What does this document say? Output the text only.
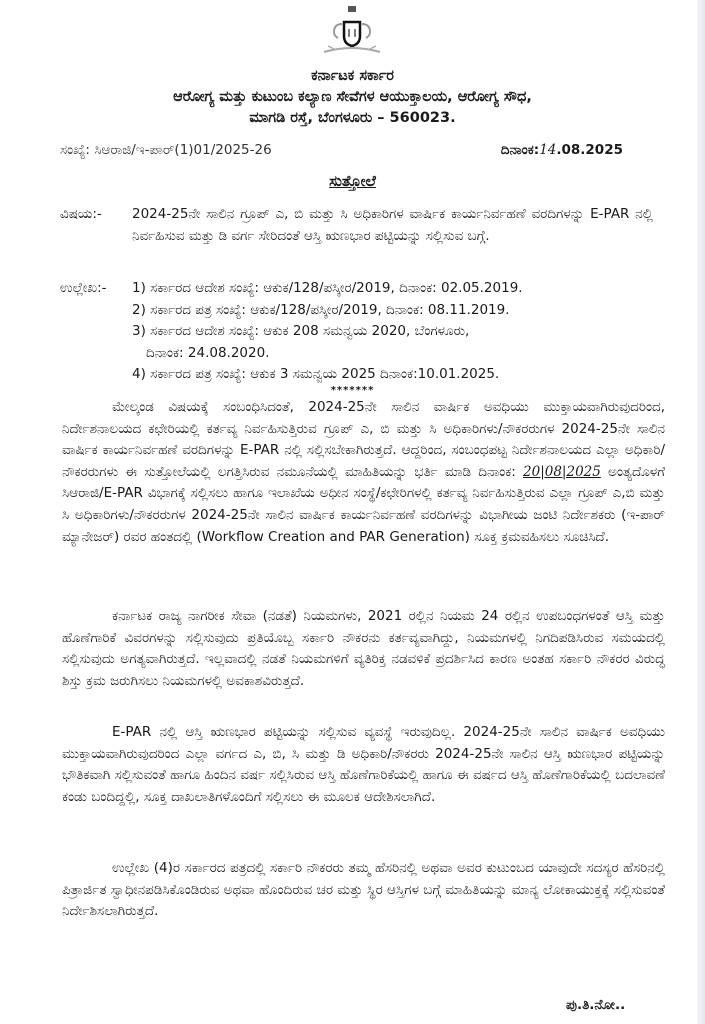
ಕರ್ನಾಟಕ ಸರ್ಕಾರ
ಆರೋಗ್ಯ ಮತ್ತು ಕುಟುಂಬ ಕಲ್ಯಾಣ ಸೇವೆಗಳ ಆಯುಕ್ತಾಲಯ, ಆರೋಗ್ಯ ಸೌಧ,
ಮಾಗಡಿ ರಸ್ತೆ, ಬೆಂಗಳೂರು – 560023.
ಸಂಖ್ಯೆ: ಸಿಆರಾಜಿ/ಇ-ಪಾರ್(1)01/2025-26	ದಿನಾಂಕ:14.08.2025
ಸುತ್ತೋಲೆ
ವಿಷಯ:-	2024-25ನೇ ಸಾಲಿನ ಗ್ರೂಪ್ ಎ, ಬಿ ಮತ್ತು ಸಿ ಅಧಿಕಾರಿಗಳ ವಾರ್ಷಿಕ ಕಾರ್ಯನಿರ್ವಹಣೆ ವರದಿಗಳನ್ನು E-PAR ನಲ್ಲಿ ನಿರ್ವಹಿಸುವ ಮತ್ತು ಡಿ ವರ್ಗ ಸೇರಿದಂತೆ ಆಸ್ತಿ ಋಣಭಾರ ಪಟ್ಟಿಯನ್ನು ಸಲ್ಲಿಸುವ ಬಗ್ಗೆ.
ಉಲ್ಲೇಖ:-	1) ಸರ್ಕಾರದ ಆದೇಶ ಸಂಖ್ಯೆ: ಆಕುಕ/128/ಪಸ್ಕೀರ/2019, ದಿನಾಂಕ: 02.05.2019.
2) ಸರ್ಕಾರದ ಪತ್ರ ಸಂಖ್ಯೆ: ಆಕುಕ/128/ಪಸ್ಕೀರ/2019, ದಿನಾಂಕ: 08.11.2019.
3) ಸರ್ಕಾರದ ಆದೇಶ ಸಂಖ್ಯೆ: ಆಕುಕ 208 ಸಮನ್ವಯ 2020, ಬೆಂಗಳೂರು,
ದಿನಾಂಕ: 24.08.2020.
4) ಸರ್ಕಾರದ ಪತ್ರ ಸಂಖ್ಯೆ: ಆಕುಕ 3 ಸಮನ್ವಯ 2025 ದಿನಾಂಕ:10.01.2025.
*******
ಮೇಲ್ಕಂಡ ವಿಷಯಕ್ಕೆ ಸಂಬಂಧಿಸಿದಂತೆ, 2024-25ನೇ ಸಾಲಿನ ವಾರ್ಷಿಕ ಅವಧಿಯು ಮುಕ್ತಾಯವಾಗಿರುವುದರಿಂದ, ನಿರ್ದೇಶನಾಲಯದ ಕಛೇರಿಯಲ್ಲಿ ಕರ್ತವ್ಯ ನಿರ್ವಹಿಸುತ್ತಿರುವ ಗ್ರೂಪ್ ಎ, ಬಿ ಮತ್ತು ಸಿ ಅಧಿಕಾರಿಗಳು/ನೌಕರರುಗಳ 2024-25ನೇ ಸಾಲಿನ ವಾರ್ಷಿಕ ಕಾರ್ಯನಿರ್ವಹಣೆ ವರದಿಗಳನ್ನು E-PAR ನಲ್ಲಿ ಸಲ್ಲಿಸಬೇಕಾಗಿರುತ್ತದೆ. ಆದ್ದರಿಂದ, ಸಂಬಂಧಪಟ್ಟ ನಿರ್ದೇಶನಾಲಯದ ಎಲ್ಲಾ ಅಧಿಕಾರಿ/ನೌಕರರುಗಳು ಈ ಸುತ್ತೋಲೆಯಲ್ಲಿ ಲಗತ್ತಿಸಿರುವ ನಮೂನೆಯಲ್ಲಿ ಮಾಹಿತಿಯನ್ನು ಭರ್ತಿ ಮಾಡಿ ದಿನಾಂಕ: 20|08|2025 ಅಂತ್ಯದೊಳಗೆ ಸಿಆರಾಜಿ/E-PAR ವಿಭಾಗಕ್ಕೆ ಸಲ್ಲಿಸಲು ಹಾಗೂ ಇಲಾಖೆಯ ಅಧೀನ ಸಂಸ್ಥೆ/ಕಛೇರಿಗಳಲ್ಲಿ ಕರ್ತವ್ಯ ನಿರ್ವಹಿಸುತ್ತಿರುವ ಎಲ್ಲಾ ಗ್ರೂಪ್ ಎ,ಬಿ ಮತ್ತು ಸಿ ಅಧಿಕಾರಿಗಳು/ನೌಕರರುಗಳ 2024-25ನೇ ಸಾಲಿನ ವಾರ್ಷಿಕ ಕಾರ್ಯನಿರ್ವಹಣೆ ವರದಿಗಳನ್ನು ವಿಭಾಗೀಯ ಜಂಟಿ ನಿರ್ದೇಶಕರು (ಇ-ಪಾರ್ ಮ್ಯಾನೇಜರ್) ರವರ ಹಂತದಲ್ಲಿ (Workflow Creation and PAR Generation) ಸೂಕ್ತ ಕ್ರಮವಹಿಸಲು ಸೂಚಿಸಿದೆ.
ಕರ್ನಾಟಕ ರಾಜ್ಯ ನಾಗರೀಕ ಸೇವಾ (ನಡತೆ) ನಿಯಮಗಳು, 2021 ರಲ್ಲಿನ ನಿಯಮ 24 ರಲ್ಲಿನ ಉಪಬಂಧಗಳಂತೆ ಆಸ್ತಿ ಮತ್ತು ಹೊಣೆಗಾರಿಕೆ ವಿವರಗಳನ್ನು ಸಲ್ಲಿಸುವುದು ಪ್ರತಿಯೊಬ್ಬ ಸರ್ಕಾರಿ ನೌಕರನು ಕರ್ತವ್ಯವಾಗಿದ್ದು, ನಿಯಮಗಳಲ್ಲಿ ನಿಗದಿಪಡಿಸಿರುವ ಸಮಯದಲ್ಲಿ ಸಲ್ಲಿಸುವುದು ಅಗತ್ಯವಾಗಿರುತ್ತದೆ. ಇಲ್ಲವಾದಲ್ಲಿ ನಡತೆ ನಿಯಮಗಳಿಗೆ ವ್ಯತಿರಿಕ್ತ ನಡವಳಿಕೆ ಪ್ರದರ್ಶಿಸಿದ ಕಾರಣ ಅಂತಹ ಸರ್ಕಾರಿ ನೌಕರರ ವಿರುದ್ಧ ಶಿಸ್ತು ಕ್ರಮ ಜರುಗಿಸಲು ನಿಯಮಗಳಲ್ಲಿ ಅವಕಾಶವಿರುತ್ತದೆ.
E-PAR ನಲ್ಲಿ ಆಸ್ತಿ ಋಣಭಾರ ಪಟ್ಟಿಯನ್ನು ಸಲ್ಲಿಸುವ ವ್ಯವಸ್ಥೆ ಇರುವುದಿಲ್ಲ. 2024-25ನೇ ಸಾಲಿನ ವಾರ್ಷಿಕ ಅವಧಿಯು ಮುಕ್ತಾಯವಾಗಿರುವುದರಿಂದ ಎಲ್ಲಾ ವರ್ಗದ ಎ, ಬಿ, ಸಿ ಮತ್ತು ಡಿ ಅಧಿಕಾರಿ/ನೌಕರರು 2024-25ನೇ ಸಾಲಿನ ಆಸ್ತಿ ಋಣಭಾರ ಪಟ್ಟಿಯನ್ನು ಭೌತಿಕವಾಗಿ ಸಲ್ಲಿಸುವಂತೆ ಹಾಗೂ ಹಿಂದಿನ ವರ್ಷ ಸಲ್ಲಿಸಿರುವ ಆಸ್ತಿ ಹೊಣೆಗಾರಿಕೆಯಲ್ಲಿ ಹಾಗೂ ಈ ವರ್ಷದ ಆಸ್ತಿ ಹೊಣೆಗಾರಿಕೆಯಲ್ಲಿ ಬದಲಾವಣೆ ಕಂಡು ಬಂದಿದ್ದಲ್ಲಿ, ಸೂಕ್ತ ದಾಖಲಾತಿಗಳೊಂದಿಗೆ ಸಲ್ಲಿಸಲು ಈ ಮೂಲಕ ಆದೇಶಿಸಲಾಗಿದೆ.
ಉಲ್ಲೇಖ (4)ರ ಸರ್ಕಾರದ ಪತ್ರದಲ್ಲಿ ಸರ್ಕಾರಿ ನೌಕರರು ತಮ್ಮ ಹೆಸರಿನಲ್ಲಿ ಅಥವಾ ಅವರ ಕುಟುಂಬದ ಯಾವುದೇ ಸದಸ್ಯರ ಹೆಸರಿನಲ್ಲಿ ಪಿತ್ರಾರ್ಜಿತ ಸ್ವಾಧೀನಪಡಿಸಿಕೊಂಡಿರುವ ಅಥವಾ ಹೊಂದಿರುವ ಚರ ಮತ್ತು ಸ್ಥಿರ ಆಸ್ತಿಗಳ ಬಗ್ಗೆ ಮಾಹಿತಿಯನ್ನು ಮಾನ್ಯ ಲೋಕಾಯುಕ್ತಕ್ಕೆ ಸಲ್ಲಿಸುವಂತೆ ನಿರ್ದೇಶಿಸಲಾಗಿರುತ್ತದೆ.
ಪು.ತಿ.ನೋ..
